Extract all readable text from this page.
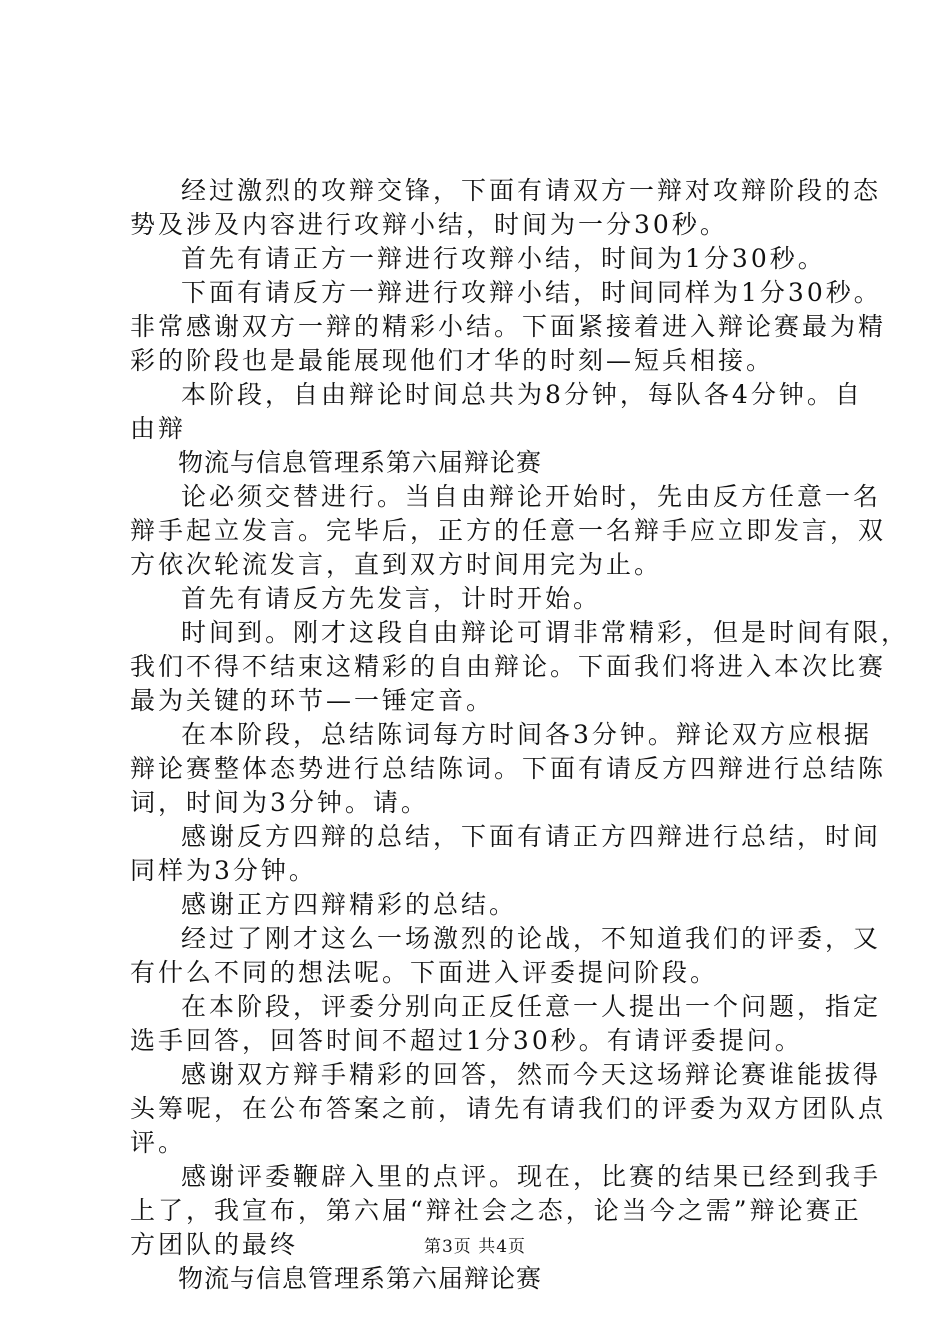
经过激烈的攻辩交锋，下面有请双方一辩对攻辩阶段的态
势及涉及内容进行攻辩小结，时间为一分30秒。
首先有请正方一辩进行攻辩小结，时间为1分30秒。
下面有请反方一辩进行攻辩小结，时间同样为1分30秒。
非常感谢双方一辩的精彩小结。下面紧接着进入辩论赛最为精
彩的阶段也是最能展现他们才华的时刻—短兵相接。
本阶段，自由辩论时间总共为8分钟，每队各4分钟。自
由辩
物流与信息管理系第六届辩论赛
论必须交替进行。当自由辩论开始时，先由反方任意一名
辩手起立发言。完毕后，正方的任意一名辩手应立即发言，双
方依次轮流发言，直到双方时间用完为止。
首先有请反方先发言，计时开始。
时间到。刚才这段自由辩论可谓非常精彩，但是时间有限，
我们不得不结束这精彩的自由辩论。下面我们将进入本次比赛
最为关键的环节—一锤定音。
在本阶段，总结陈词每方时间各3分钟。辩论双方应根据
辩论赛整体态势进行总结陈词。下面有请反方四辩进行总结陈
词，时间为3分钟。请。
感谢反方四辩的总结，下面有请正方四辩进行总结，时间
同样为3分钟。
感谢正方四辩精彩的总结。
经过了刚才这么一场激烈的论战，不知道我们的评委，又
有什么不同的想法呢。下面进入评委提问阶段。
在本阶段，评委分别向正反任意一人提出一个问题，指定
选手回答，回答时间不超过1分30秒。有请评委提问。
感谢双方辩手精彩的回答，然而今天这场辩论赛谁能拔得
头筹呢，在公布答案之前，请先有请我们的评委为双方团队点
评。
感谢评委鞭辟入里的点评。现在，比赛的结果已经到我手
上了，我宣布，第六届“辩社会之态，论当今之需”辩论赛正
方团队的最终
物流与信息管理系第六届辩论赛
第3页 共4页
